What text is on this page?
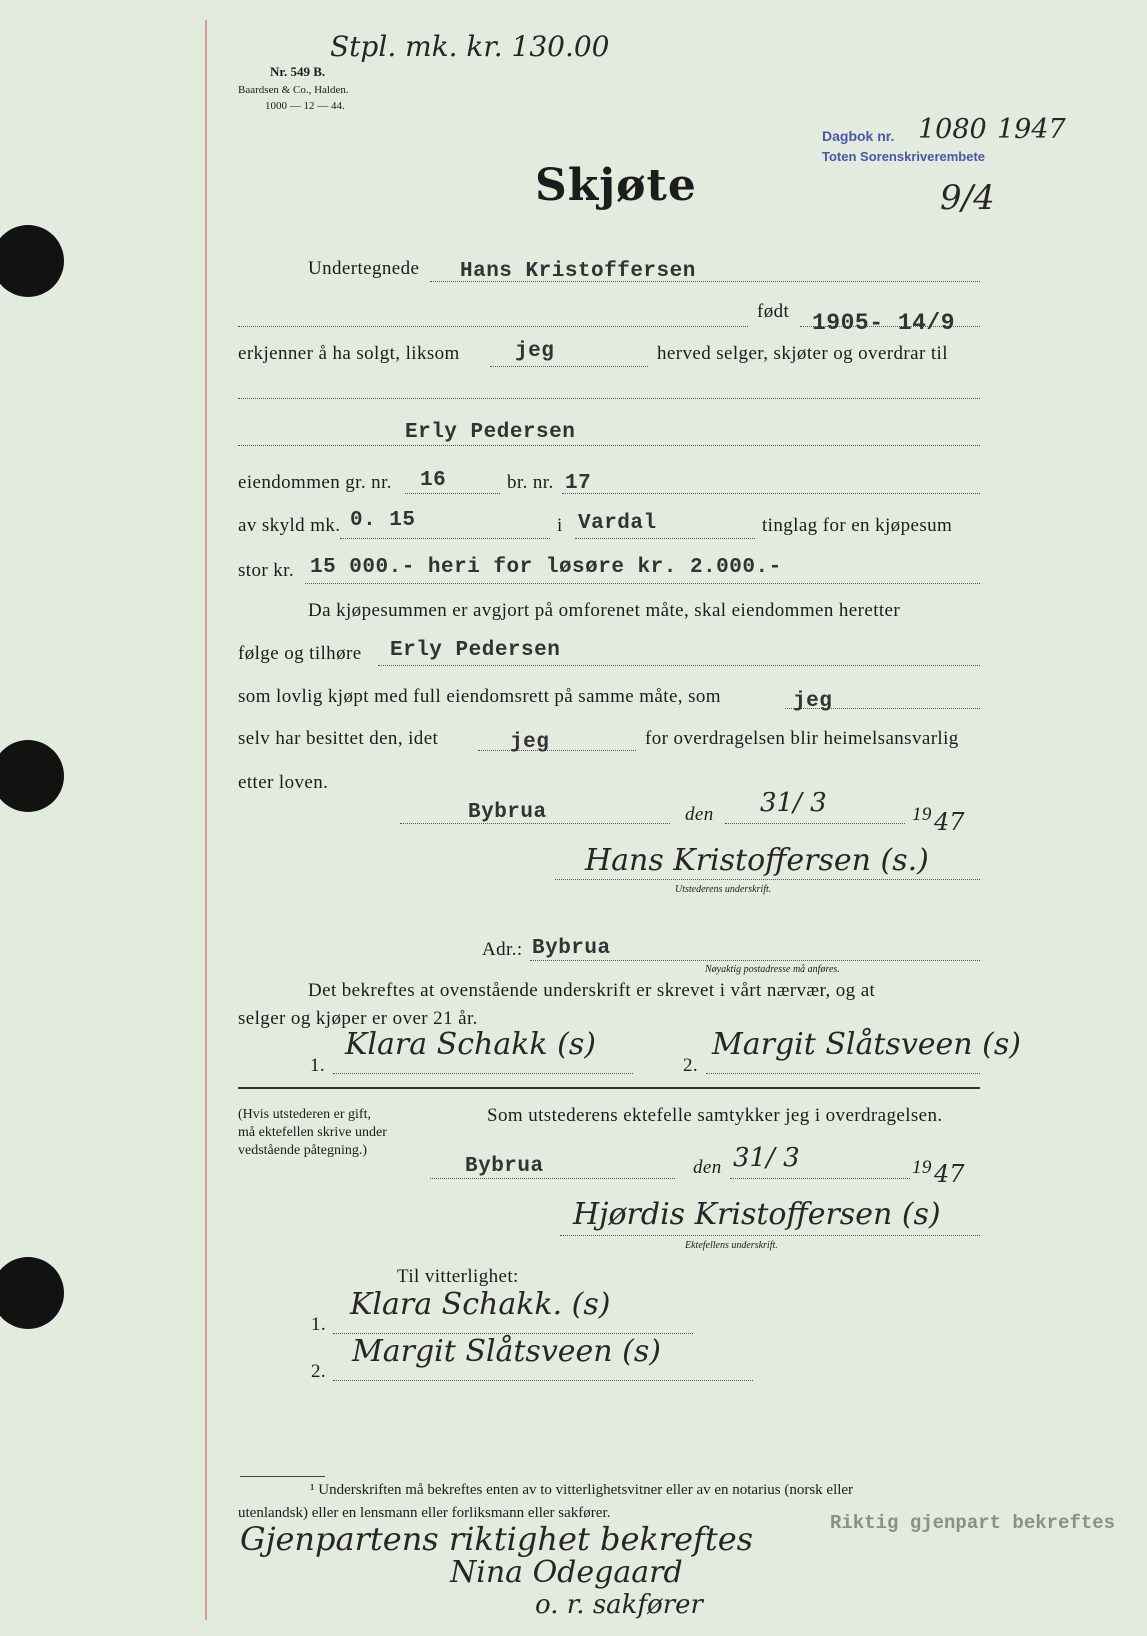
Stpl. mk. kr. 130.00
Nr. 549 B.
Baardsen & Co., Halden.
1000 — 12 — 44.
Dagbok nr. 1080 1947
Toten Sorenskriverembete
9/4
Skjøte
Undertegnede Hans Kristoffersen
født 1905- 14/9
erkjenner å ha solgt, liksom	jeg	herved selger, skjøter og overdrar til
Erly Pedersen
eiendommen gr. nr. 16	br. nr. 17
av skyld mk. 0. 15	i Vardal	tinglag for en kjøpesum
stor kr. 15 000.- heri for løsøre kr. 2.000.-
Da kjøpesummen er avgjort på omforenet måte, skal eiendommen heretter
følge og tilhøre Erly Pedersen
som lovlig kjøpt med full eiendomsrett på samme måte, som	jeg
selv har besittet den, idet	jeg	for overdragelsen blir heimelsansvarlig
etter loven.
Bybrua	den 31/ 3	19 47
Hans Kristoffersen (s.)
Utstederens underskrift.
Adr.: Bybrua
Nøyaktig postadresse må anføres.
Det bekreftes at ovenstående underskrift er skrevet i vårt nærvær, og at
selger og kjøper er over 21 år.
1.
Klara Schakk (s)
2.
Margit Slåtsveen (s)
(Hvis utstederen er gift,
må ektefellen skrive under
vedstående påtegning.)
Som utstederens ektefelle samtykker jeg i overdragelsen.
Bybrua	den 31/ 3	19 47
Hjørdis Kristoffersen (s)
Ektefellens underskrift.
Til vitterlighet:
1.
Klara Schakk. (s)
2.
Margit Slåtsveen (s)
¹ Underskriften må bekreftes enten av to vitterlighetsvitner eller av en notarius (norsk eller
utenlandsk) eller en lensmann eller forliksmann eller sakfører.
Gjenpartens riktighet bekreftes	Riktig gjenpart bekreftes
Nina Odegaard
o. r. sakfører
